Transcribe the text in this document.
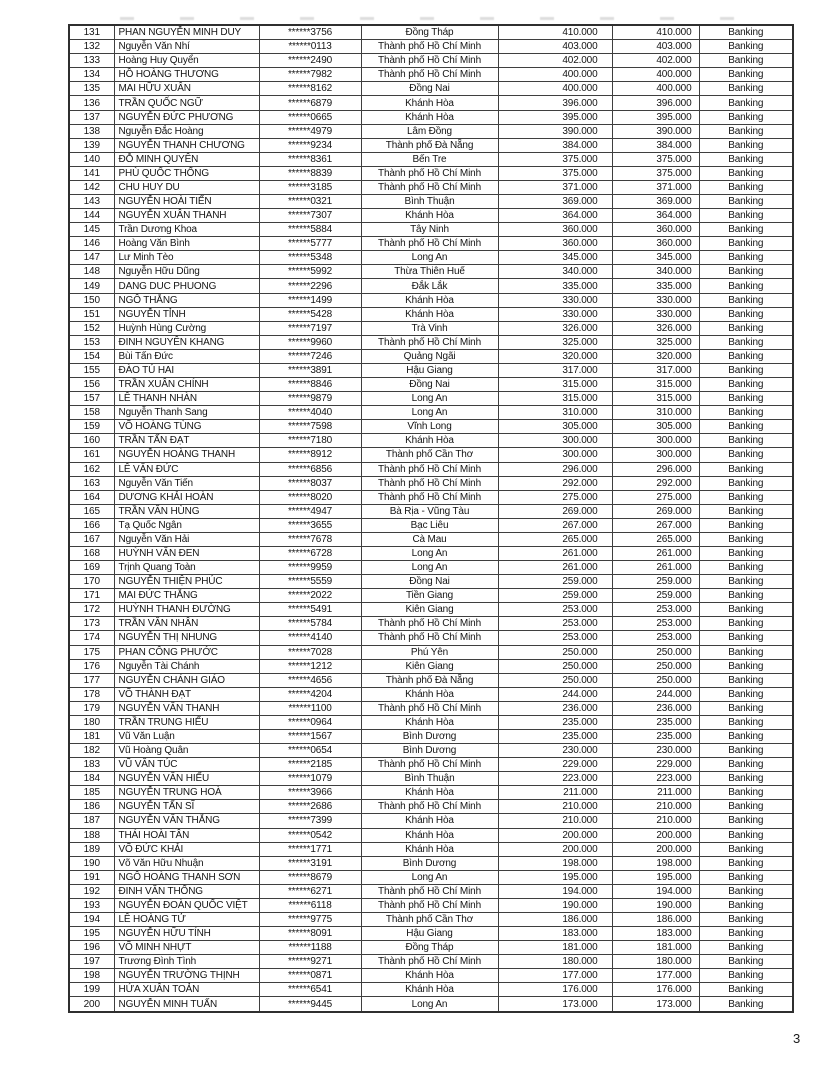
131	PHAN NGUYỄN MINH DUY	******3756	Đồng Tháp	410.000	410.000	Banking
132	Nguyễn Văn Nhí	******0113	Thành phố Hồ Chí Minh	403.000	403.000	Banking
133	Hoàng Huy Quyển	******2490	Thành phố Hồ Chí Minh	402.000	402.000	Banking
134	HỒ HOÀNG THƯƠNG	******7982	Thành phố Hồ Chí Minh	400.000	400.000	Banking
135	MAI HỮU XUÂN	******8162	Đồng Nai	400.000	400.000	Banking
136	TRẦN QUỐC NGỮ	******6879	Khánh Hòa	396.000	396.000	Banking
137	NGUYỄN ĐỨC PHƯƠNG	******0665	Khánh Hòa	395.000	395.000	Banking
138	Nguyễn Đắc Hoàng	******4979	Lâm Đồng	390.000	390.000	Banking
139	NGUYỄN THANH CHƯƠNG	******9234	Thành phố Đà Nẵng	384.000	384.000	Banking
140	ĐỖ MINH QUYÊN	******8361	Bến Tre	375.000	375.000	Banking
141	PHÙ QUỐC THỐNG	******8839	Thành phố Hồ Chí Minh	375.000	375.000	Banking
142	CHU HUY DU	******3185	Thành phố Hồ Chí Minh	371.000	371.000	Banking
143	NGUYỄN HOÀI TIẾN	******0321	Bình Thuận	369.000	369.000	Banking
144	NGUYỄN XUÂN THANH	******7307	Khánh Hòa	364.000	364.000	Banking
145	Trần Dương Khoa	******5884	Tây Ninh	360.000	360.000	Banking
146	Hoàng Văn Bình	******5777	Thành phố Hồ Chí Minh	360.000	360.000	Banking
147	Lư Minh Tèo	******5348	Long An	345.000	345.000	Banking
148	Nguyễn Hữu Dũng	******5992	Thừa Thiên Huế	340.000	340.000	Banking
149	DANG DUC PHUONG	******2296	Đắk Lắk	335.000	335.000	Banking
150	NGÔ THẮNG	******1499	Khánh Hòa	330.000	330.000	Banking
151	NGUYỄN TỈNH	******5428	Khánh Hòa	330.000	330.000	Banking
152	Huỳnh Hùng Cường	******7197	Trà Vinh	326.000	326.000	Banking
153	ĐINH NGUYÊN KHANG	******9960	Thành phố Hồ Chí Minh	325.000	325.000	Banking
154	Bùi Tấn Đức	******7246	Quảng Ngãi	320.000	320.000	Banking
155	ĐÀO TÚ HAI	******3891	Hậu Giang	317.000	317.000	Banking
156	TRẦN XUÂN CHÍNH	******8846	Đồng Nai	315.000	315.000	Banking
157	LÊ THANH NHÀN	******9879	Long An	315.000	315.000	Banking
158	Nguyễn Thanh Sang	******4040	Long An	310.000	310.000	Banking
159	VÕ HOÀNG TÙNG	******7598	Vĩnh Long	305.000	305.000	Banking
160	TRẦN TẤN ĐẠT	******7180	Khánh Hòa	300.000	300.000	Banking
161	NGUYỄN HOÀNG THANH	******8912	Thành phố Cần Thơ	300.000	300.000	Banking
162	LÊ VĂN ĐỨC	******6856	Thành phố Hồ Chí Minh	296.000	296.000	Banking
163	Nguyễn Văn Tiến	******8037	Thành phố Hồ Chí Minh	292.000	292.000	Banking
164	DƯƠNG KHẢI HOÀN	******8020	Thành phố Hồ Chí Minh	275.000	275.000	Banking
165	TRẦN VĂN HÙNG	******4947	Bà Rịa - Vũng Tàu	269.000	269.000	Banking
166	Tạ Quốc Ngân	******3655	Bạc Liêu	267.000	267.000	Banking
167	Nguyễn Văn Hải	******7678	Cà Mau	265.000	265.000	Banking
168	HUỲNH VĂN ĐEN	******6728	Long An	261.000	261.000	Banking
169	Trịnh Quang Toàn	******9959	Long An	261.000	261.000	Banking
170	NGUYỄN THIỆN PHÚC	******5559	Đồng Nai	259.000	259.000	Banking
171	MAI ĐỨC THẮNG	******2022	Tiền Giang	259.000	259.000	Banking
172	HUỲNH THANH ĐƯỜNG	******5491	Kiên Giang	253.000	253.000	Banking
173	TRẦN VĂN NHÂN	******5784	Thành phố Hồ Chí Minh	253.000	253.000	Banking
174	NGUYỄN THỊ NHUNG	******4140	Thành phố Hồ Chí Minh	253.000	253.000	Banking
175	PHAN CÔNG PHƯỚC	******7028	Phú Yên	250.000	250.000	Banking
176	Nguyễn Tài Chánh	******1212	Kiên Giang	250.000	250.000	Banking
177	NGUYỄN CHÁNH GIÁO	******4656	Thành phố Đà Nẵng	250.000	250.000	Banking
178	VÕ THÀNH ĐẠT	******4204	Khánh Hòa	244.000	244.000	Banking
179	NGUYỄN VĂN THANH	******1100	Thành phố Hồ Chí Minh	236.000	236.000	Banking
180	TRẦN TRUNG HIẾU	******0964	Khánh Hòa	235.000	235.000	Banking
181	Vũ Văn Luận	******1567	Bình Dương	235.000	235.000	Banking
182	Vũ Hoàng Quân	******0654	Bình Dương	230.000	230.000	Banking
183	VŨ VĂN TÚC	******2185	Thành phố Hồ Chí Minh	229.000	229.000	Banking
184	NGUYỄN VĂN HIẾU	******1079	Bình Thuận	223.000	223.000	Banking
185	NGUYỄN TRUNG HOÀ	******3966	Khánh Hòa	211.000	211.000	Banking
186	NGUYỄN TẤN SĨ	******2686	Thành phố Hồ Chí Minh	210.000	210.000	Banking
187	NGUYỄN VĂN THẮNG	******7399	Khánh Hòa	210.000	210.000	Banking
188	THÁI HOÀI TÂN	******0542	Khánh Hòa	200.000	200.000	Banking
189	VÕ ĐỨC KHẢI	******1771	Khánh Hòa	200.000	200.000	Banking
190	Võ Văn Hữu Nhuận	******3191	Bình Dương	198.000	198.000	Banking
191	NGÔ HOÀNG THANH SƠN	******8679	Long An	195.000	195.000	Banking
192	ĐINH VĂN THỐNG	******6271	Thành phố Hồ Chí Minh	194.000	194.000	Banking
193	NGUYỄN ĐOÀN QUỐC VIỆT	******6118	Thành phố Hồ Chí Minh	190.000	190.000	Banking
194	LÊ HOÀNG TỬ	******9775	Thành phố Cần Thơ	186.000	186.000	Banking
195	NGUYỄN HỮU TÍNH	******8091	Hậu Giang	183.000	183.000	Banking
196	VÕ MINH NHỰT	******1188	Đồng Tháp	181.000	181.000	Banking
197	Trương Đình Tình	******9271	Thành phố Hồ Chí Minh	180.000	180.000	Banking
198	NGUYỄN TRƯỜNG THỊNH	******0871	Khánh Hòa	177.000	177.000	Banking
199	HỨA XUÂN TOẢN	******6541	Khánh Hòa	176.000	176.000	Banking
200	NGUYỄN MINH TUẤN	******9445	Long An	173.000	173.000	Banking
3
